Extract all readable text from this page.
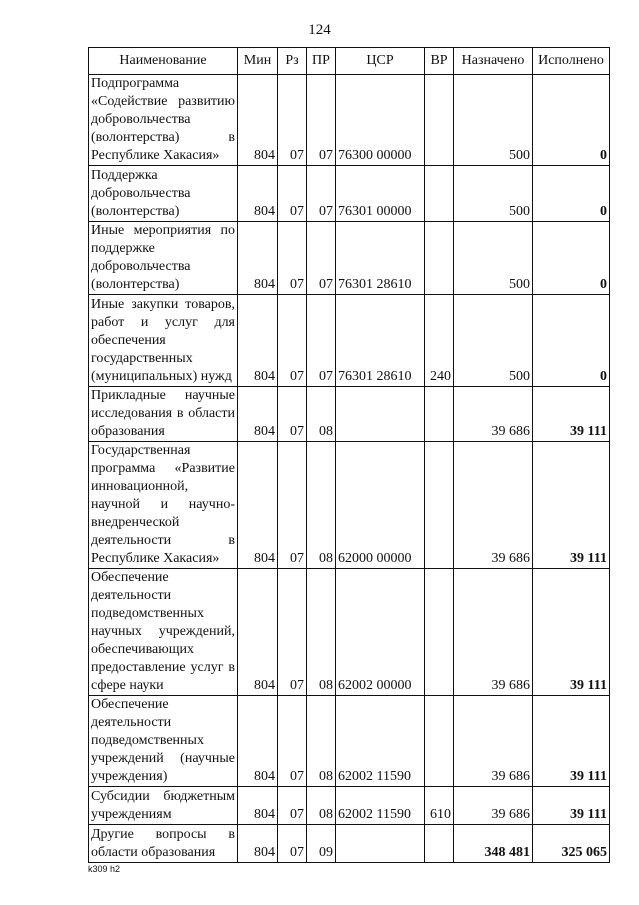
124
Наименование	Мин	Рз	ПР	ЦСР	ВР	Назначено	Исполнено
Подпрограмма «Содействие развитию добровольчества (волонтерства) в Республике Хакасия»	804	07	07	76300 00000		500	0
Поддержка добровольчества (волонтерства)	804	07	07	76301 00000		500	0
Иные мероприятия по поддержке добровольчества (волонтерства)	804	07	07	76301 28610		500	0
Иные закупки товаров, работ и услуг для обеспечения государственных (муниципальных) нужд	804	07	07	76301 28610	240	500	0
Прикладные научные исследования в области образования	804	07	08			39 686	39 111
Государственная программа «Развитие инновационной, научной и научно-внедренческой деятельности в Республике Хакасия»	804	07	08	62000 00000		39 686	39 111
Обеспечение деятельности подведомственных научных учреждений, обеспечивающих предоставление услуг в сфере науки	804	07	08	62002 00000		39 686	39 111
Обеспечение деятельности подведомственных учреждений (научные учреждения)	804	07	08	62002 11590		39 686	39 111
Субсидии бюджетным учреждениям	804	07	08	62002 11590	610	39 686	39 111
Другие вопросы в области образования	804	07	09			348 481	325 065
k309 h2
